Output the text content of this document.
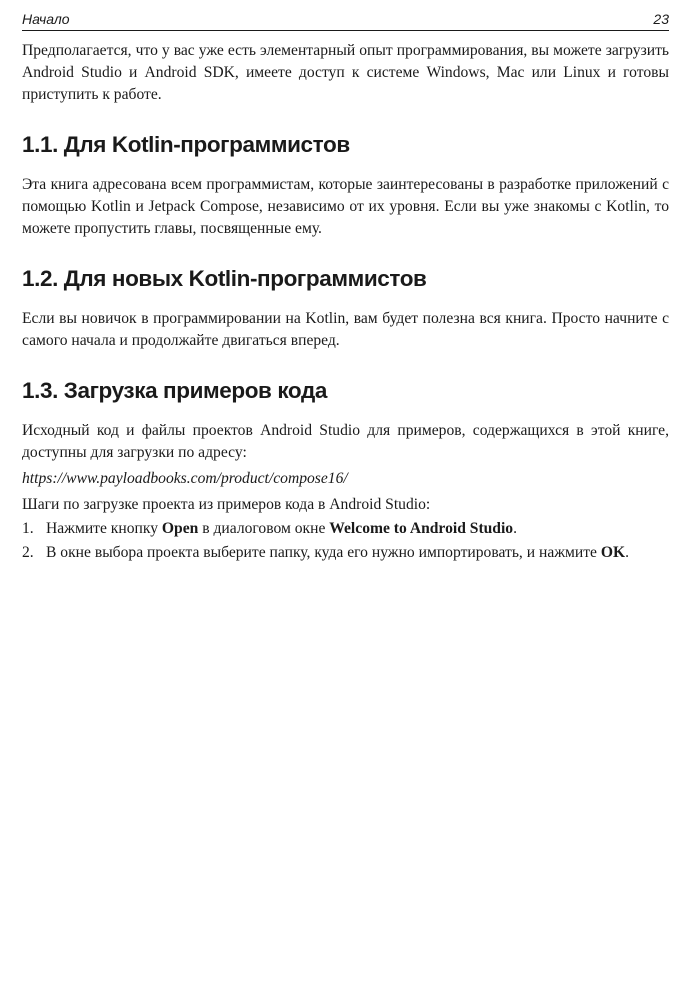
Начало	23

Предполагается, что у вас уже есть элементарный опыт программирования, вы можете загрузить Android Studio и Android SDK, имеете доступ к системе Windows, Mac или Linux и готовы приступить к работе.

1.1. Для Kotlin-программистов

Эта книга адресована всем программистам, которые заинтересованы в разработке приложений с помощью Kotlin и Jetpack Compose, независимо от их уровня. Если вы уже знакомы с Kotlin, то можете пропустить главы, посвященные ему.

1.2. Для новых Kotlin-программистов

Если вы новичок в программировании на Kotlin, вам будет полезна вся книга. Просто начните с самого начала и продолжайте двигаться вперед.

1.3. Загрузка примеров кода

Исходный код и файлы проектов Android Studio для примеров, содержащихся в этой книге, доступны для загрузки по адресу:

https://www.payloadbooks.com/product/compose16/

Шаги по загрузке проекта из примеров кода в Android Studio:

1. Нажмите кнопку Open в диалоговом окне Welcome to Android Studio.
2. В окне выбора проекта выберите папку, куда его нужно импортировать, и нажмите OK.
